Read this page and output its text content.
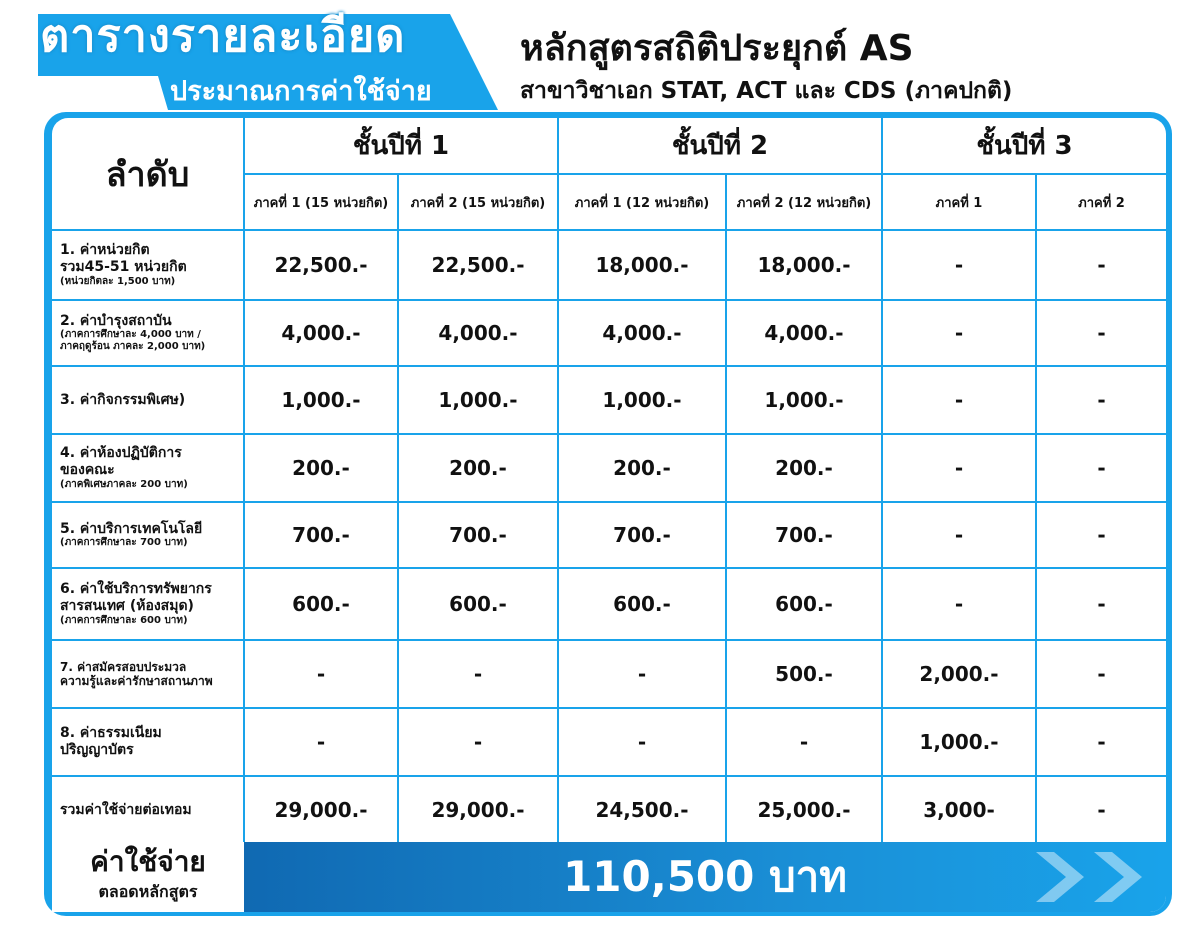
ตารางรายละเอียด
ประมาณการค่าใช้จ่าย
หลักสูตรสถิติประยุกต์ AS
สาขาวิชาเอก STAT, ACT และ CDS (ภาคปกติ)
ลำดับ	ชั้นปีที่ 1		ชั้นปีที่ 2		ชั้นปีที่ 3	
	ภาคที่ 1 (15 หน่วยกิต)	ภาคที่ 2 (15 หน่วยกิต)	ภาคที่ 1 (12 หน่วยกิต)	ภาคที่ 2 (12 หน่วยกิต)	ภาคที่ 1	ภาคที่ 2

1. ค่าหน่วยกิต
รวม45-51 หน่วยกิต
(หน่วยกิตละ 1,500 บาท)	22,500.-	22,500.-	18,000.-	18,000.-	-	-

2. ค่าบำรุงสถาบัน
(ภาคการศึกษาละ 4,000 บาท /
ภาคฤดูร้อน ภาคละ 2,000 บาท)	4,000.-	4,000.-	4,000.-	4,000.-	-	-

3. ค่ากิจกรรมพิเศษ)	1,000.-	1,000.-	1,000.-	1,000.-	-	-

4. ค่าห้องปฏิบัติการ
ของคณะ
(ภาคพิเศษภาคละ 200 บาท)	200.-	200.-	200.-	200.-	-	-

5. ค่าบริการเทคโนโลยี
(ภาคการศึกษาละ 700 บาท)	700.-	700.-	700.-	700.-	-	-

6. ค่าใช้บริการทรัพยากร
สารสนเทศ (ห้องสมุด)
(ภาคการศึกษาละ 600 บาท)	600.-	600.-	600.-	600.-	-	-

7. ค่าสมัครสอบประมวล
ความรู้และค่ารักษาสถานภาพ	-	-	-	500.-	2,000.-	-

8. ค่าธรรมเนียม
ปริญญาบัตร	-	-	-	-	1,000.-	-

รวมค่าใช้จ่ายต่อเทอม	29,000.-	29,000.-	24,500.-	25,000.-	3,000-	-
ค่าใช้จ่าย
ตลอดหลักสูตร	110,500 บาท
